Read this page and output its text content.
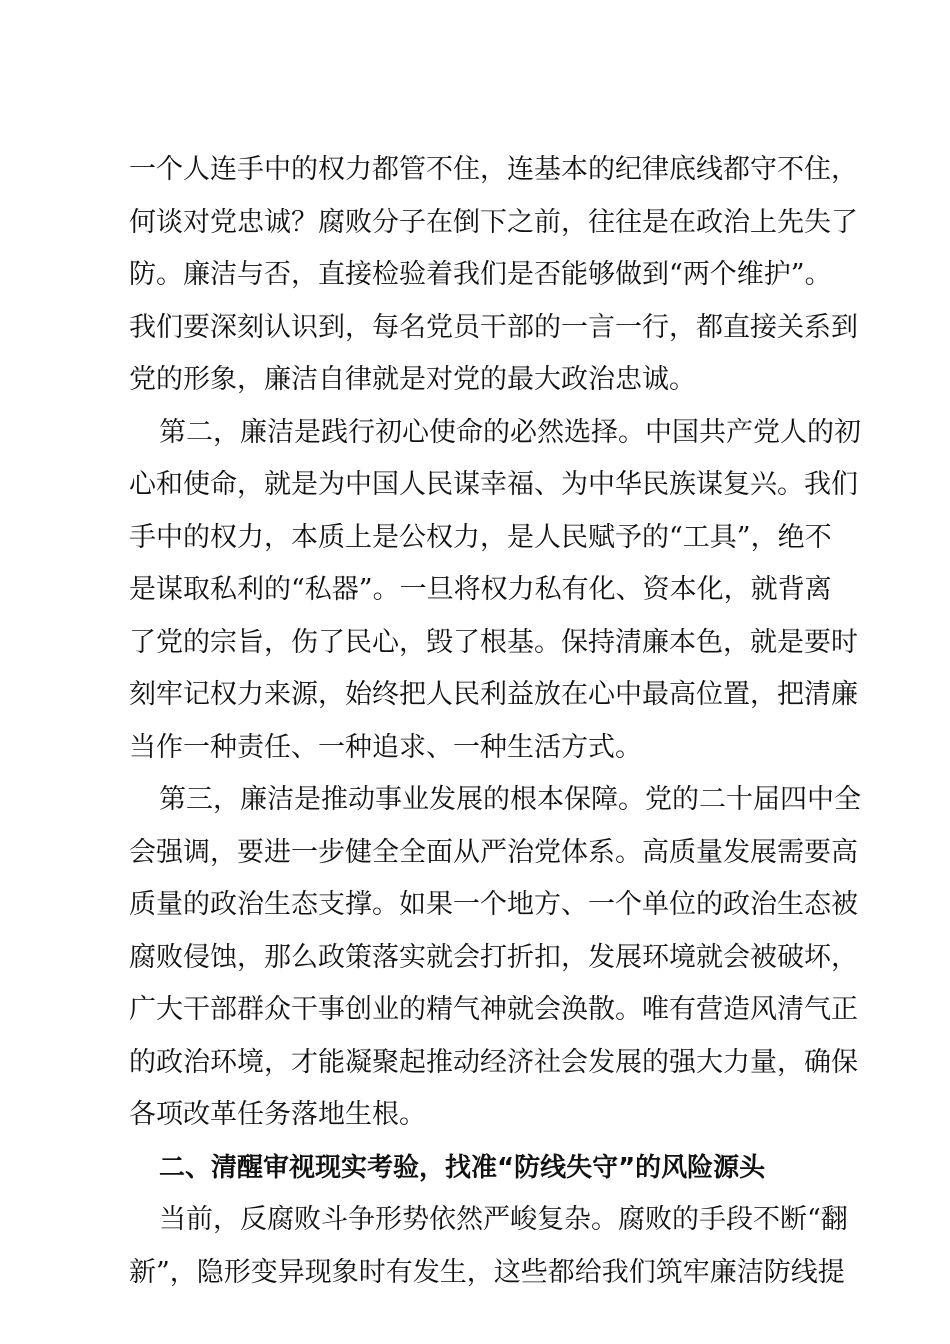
一个人连手中的权力都管不住，连基本的纪律底线都守不住，
何谈对党忠诚？腐败分子在倒下之前，往往是在政治上先失了
防。廉洁与否，直接检验着我们是否能够做到“两个维护”。
我们要深刻认识到，每名党员干部的一言一行，都直接关系到
党的形象，廉洁自律就是对党的最大政治忠诚。
第二，廉洁是践行初心使命的必然选择。中国共产党人的初
心和使命，就是为中国人民谋幸福、为中华民族谋复兴。我们
手中的权力，本质上是公权力，是人民赋予的“工具”，绝不
是谋取私利的“私器”。一旦将权力私有化、资本化，就背离
了党的宗旨，伤了民心，毁了根基。保持清廉本色，就是要时
刻牢记权力来源，始终把人民利益放在心中最高位置，把清廉
当作一种责任、一种追求、一种生活方式。
第三，廉洁是推动事业发展的根本保障。党的二十届四中全
会强调，要进一步健全全面从严治党体系。高质量发展需要高
质量的政治生态支撑。如果一个地方、一个单位的政治生态被
腐败侵蚀，那么政策落实就会打折扣，发展环境就会被破坏，
广大干部群众干事创业的精气神就会涣散。唯有营造风清气正
的政治环境，才能凝聚起推动经济社会发展的强大力量，确保
各项改革任务落地生根。
二、清醒审视现实考验，找准“防线失守”的风险源头
当前，反腐败斗争形势依然严峻复杂。腐败的手段不断“翻
新”，隐形变异现象时有发生，这些都给我们筑牢廉洁防线提
